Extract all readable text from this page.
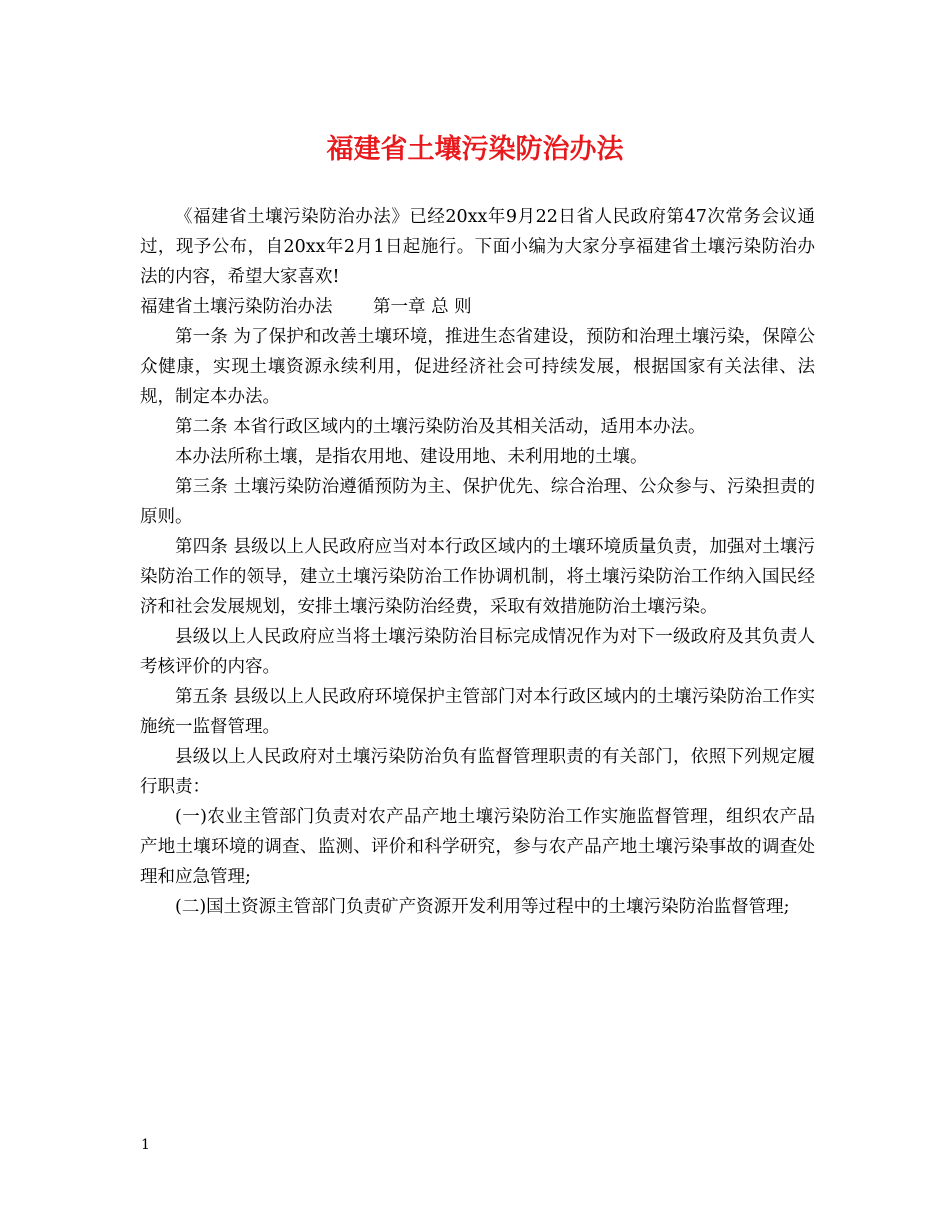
福建省土壤污染防治办法

《福建省土壤污染防治办法》已经20xx年9月22日省人民政府第47次常务会议通过，现予公布，自20xx年2月1日起施行。下面小编为大家分享福建省土壤污染防治办法的内容，希望大家喜欢!

福建省土壤污染防治办法　　 第一章 总 则

第一条 为了保护和改善土壤环境，推进生态省建设，预防和治理土壤污染，保障公众健康，实现土壤资源永续利用，促进经济社会可持续发展，根据国家有关法律、法规，制定本办法。

第二条 本省行政区域内的土壤污染防治及其相关活动，适用本办法。

本办法所称土壤，是指农用地、建设用地、未利用地的土壤。

第三条 土壤污染防治遵循预防为主、保护优先、综合治理、公众参与、污染担责的原则。

第四条 县级以上人民政府应当对本行政区域内的土壤环境质量负责，加强对土壤污染防治工作的领导，建立土壤污染防治工作协调机制，将土壤污染防治工作纳入国民经济和社会发展规划，安排土壤污染防治经费，采取有效措施防治土壤污染。

县级以上人民政府应当将土壤污染防治目标完成情况作为对下一级政府及其负责人考核评价的内容。

第五条 县级以上人民政府环境保护主管部门对本行政区域内的土壤污染防治工作实施统一监督管理。

县级以上人民政府对土壤污染防治负有监督管理职责的有关部门，依照下列规定履行职责：

(一)农业主管部门负责对农产品产地土壤污染防治工作实施监督管理，组织农产品产地土壤环境的调查、监测、评价和科学研究，参与农产品产地土壤污染事故的调查处理和应急管理;

(二)国土资源主管部门负责矿产资源开发利用等过程中的土壤污染防治监督管理;

1
